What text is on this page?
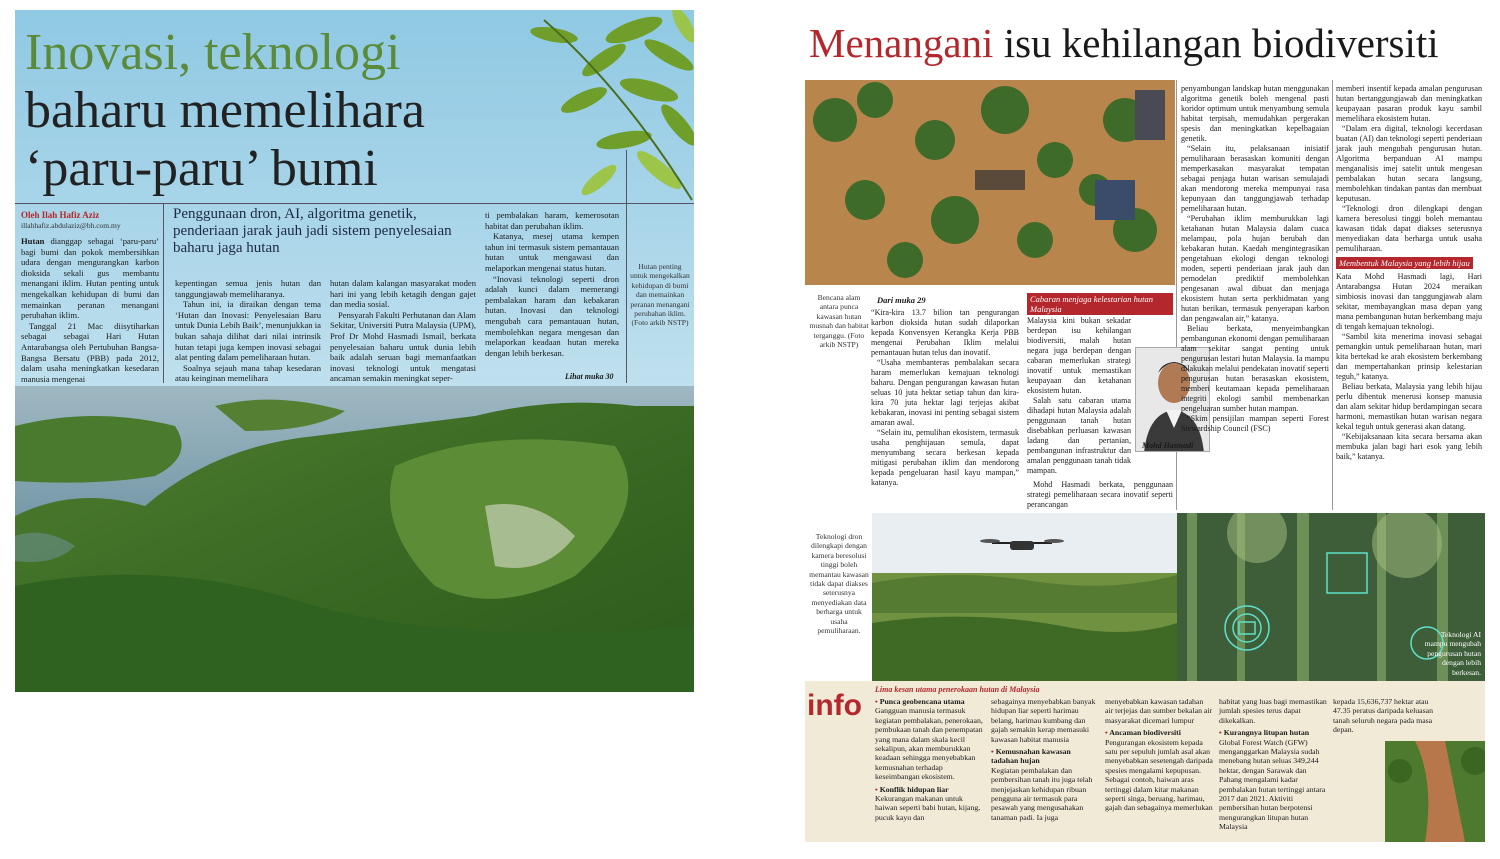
Inovasi, teknologi
baharu memelihara
‘paru-paru’ bumi
Oleh Ilah Hafiz Aziz
illahhafiz.abdulaziz@bh.com.my
Penggunaan dron, AI, algoritma genetik, penderiaan jarak jauh jadi sistem penyelesaian baharu jaga hutan

Hutan dianggap sebagai ‘paru-paru’ bagi bumi dan pokok membersihkan udara dengan mengurangkan karbon dioksida sekali gus membantu menangani iklim. Hutan penting untuk mengekalkan kehidupan di bumi dan memainkan peranan menangani perubahan iklim.

Tanggal 21 Mac diisytiharkan sebagai sebagai Hari Hutan Antarabangsa oleh Pertubuhan Bangsa-Bangsa Bersatu (PBB) pada 2012, dalam usaha meningkatkan kesedaran manusia mengenai

kepentingan semua jenis hutan dan tanggungjawab memeliharanya.

Tahun ini, ia diraikan dengan tema ‘Hutan dan Inovasi: Penyelesaian Baru untuk Dunia Lebih Baik’, menunjukkan ia bukan sahaja dilihat dari nilai intrinsik hutan tetapi juga kempen inovasi sebagai alat penting dalam pemeliharaan hutan.

Soalnya sejauh mana tahap kesedaran atau keinginan memelihara

hutan dalam kalangan masyarakat moden hari ini yang lebih ketagih dengan gajet dan media sosial.

Pensyarah Fakulti Perhutanan dan Alam Sekitar, Universiti Putra Malaysia (UPM), Prof Dr Mohd Hasmadi Ismail, berkata penyelesaian baharu untuk dunia lebih baik adalah seruan bagi memanfaatkan inovasi teknologi untuk mengatasi ancaman semakin meningkat seper-

ti pembalakan haram, kemerosotan habitat dan perubahan iklim.

Katanya, mesej utama kempen tahun ini termasuk sistem pemantauan hutan untuk mengawasi dan melaporkan mengenai status hutan.

“Inovasi teknologi seperti dron adalah kunci dalam memerangi pembalakan haram dan kebakaran hutan. Inovasi dan teknologi mengubah cara pemantauan hutan, membolehkan negara mengesan dan melaporkan keadaan hutan mereka dengan lebih berkesan.

Lihat muka 30
Hutan penting untuk mengekalkan kehidupan di bumi dan memainkan peranan menangani perubahan iklim. (Foto arkib NSTP)
Menangani isu kehilangan biodiversiti
Bencana alam antara punca kawasan hutan musnah dan habitat terganggu. (Foto arkib NSTP)
Dari muka 29

“Kira-kira 13.7 bilion tan pengurangan karbon dioksida hutan sudah dilaporkan kepada Konvensyen Kerangka Kerja PBB mengenai Perubahan Iklim melalui pemantauan hutan telus dan inovatif.

“Usaha membanteras pembalakan secara haram memerlukan kemajuan teknologi baharu. Dengan pengurangan kawasan hutan seluas 10 juta hektar setiap tahun dan kira-kira 70 juta hektar lagi terjejas akibat kebakaran, inovasi ini penting sebagai sistem amaran awal.

“Selain itu, pemulihan ekosistem, termasuk usaha penghijauan semula, dapat menyumbang secara berkesan kepada mitigasi perubahan iklim dan mendorong kepada pengeluaran hasil kayu mampan,” katanya.

Cabaran menjaga kelestarian hutan Malaysia

Malaysia kini bukan sekadar berdepan isu kehilangan biodiversiti, malah hutan negara juga berdepan dengan cabaran memerlukan strategi inovatif untuk memastikan keupayaan dan ketahanan ekosistem hutan.

Salah satu cabaran utama dihadapi hutan Malaysia adalah penggunaan tanah hutan disebabkan perluasan kawasan ladang dan pertanian, pembangunan infrastruktur dan amalan penggunaan tanah tidak mampan.

Mohd Hasmadi berkata, penggunaan strategi pemeliharaan secara inovatif seperti perancangan

Mohd Hasmadi

penyambungan landskap hutan menggunakan algoritma genetik boleh mengenal pasti koridor optimum untuk menyambung semula habitat terpisah, memudahkan pergerakan spesis dan meningkatkan kepelbagaian genetik.

“Selain itu, pelaksanaan inisiatif pemuliharaan berasaskan komuniti dengan memperkasakan masyarakat tempatan sebagai penjaga hutan warisan semulajadi akan mendorong mereka mempunyai rasa kepunyaan dan tanggungjawab terhadap pemeliharaan hutan.

“Perubahan iklim memburukkan lagi ketahanan hutan Malaysia dalam cuaca melampau, pola hujan berubah dan kebakaran hutan. Kaedah mengintegrasikan pengetahuan ekologi dengan teknologi moden, seperti penderiaan jarak jauh dan pemodelan prediktif membolehkan pengesanan awal dibuat dan menjaga ekosistem hutan serta perkhidmatan yang hutan berikan, termasuk penyerapan karbon dan pengawalan air,” katanya.

Beliau berkata, menyeimbangkan pembangunan ekonomi dengan pemuliharaan alam sekitar sangat penting untuk pengurusan lestari hutan Malaysia. Ia mampu dilakukan melalui pendekatan inovatif seperti pengurusan hutan berasaskan ekosistem, memberi keutamaan kepada pemeliharaan integriti ekologi sambil membenarkan pengeluaran sumber hutan mampan.

“Skim pensijilan mampan seperti Forest Stewardship Council (FSC)

memberi insentif kepada amalan pengurusan hutan bertanggungjawab dan meningkatkan keupayaan pasaran produk kayu sambil memelihara ekosistem hutan.

“Dalam era digital, teknologi kecerdasan buatan (AI) dan teknologi seperti penderiaan jarak jauh mengubah pengurusan hutan. Algoritma berpanduan AI mampu menganalisis imej satelit untuk mengesan pembalakan hutan secara langsung, membolehkan tindakan pantas dan membuat keputusan.

“Teknologi dron dilengkapi dengan kamera beresolusi tinggi boleh memantau kawasan tidak dapat diakses seterusnya menyediakan data berharga untuk usaha pemuliharaan.

Membentuk Malaysia yang lebih hijau

Kata Mohd Hasmadi lagi, Hari Antarabangsa Hutan 2024 meraikan simbiosis inovasi dan tanggungjawab alam sekitar, membayangkan masa depan yang mana pembangunan hutan berkembang maju di tengah kemajuan teknologi.

“Sambil kita menerima inovasi sebagai pemangkin untuk pemeliharaan hutan, mari kita bertekad ke arah ekosistem berkembang dan mempertahankan prinsip kelestarian teguh,” katanya.

Beliau berkata, Malaysia yang lebih hijau perlu dibentuk menerusi konsep manusia dan alam sekitar hidup berdampingan secara harmoni, memastikan hutan warisan negara kekal teguh untuk generasi akan datang.

“Kebijaksanaan kita secara bersama akan membuka jalan bagi hari esok yang lebih baik,” katanya.

Teknologi dron dilengkapi dengan kamera beresolusi tinggi boleh memantau kawasan tidak dapat diakses seterusnya menyediakan data berharga untuk usaha pemuliharaan.	Teknologi AI mampu mengubah pengurusan hutan dengan lebih berkesan.
info Lima kesan utama penerokaan hutan di Malaysia
• Punca geobencana utama
Gangguan manusia termasuk kegiatan pembalakan, penerokaan, pembukaan tanah dan penempatan yang mana dalam skala kecil sekalipun, akan memburukkan keadaan sehingga menyebabkan kemusnahan terhadap keseimbangan ekosistem.
• Konflik hidupan liar
Kekurangan makanan untuk haiwan seperti babi hutan, kijang, pucuk kayu dan
sebagainya menyebabkan banyak hidupan liar seperti harimau belang, harimau kumbang dan gajah semakin kerap memasuki kawasan habitat manusia
• Kemusnahan kawasan tadahan hujan
Kegiatan pembalakan dan pembersihan tanah itu juga telah menjejaskan kehidupan ribuan pengguna air termasuk para pesawah yang mengusahakan tanaman padi. Ia juga
menyebabkan kawasan tadahan air terjejas dan sumber bekalan air masyarakat dicemari lumpur
• Ancaman biodiversiti
Pengurangan ekosistem kepada satu per sepuluh jumlah asal akan menyebabkan sesetengah daripada spesies mengalami kepupusan. Sebagai contoh, haiwan aras tertinggi dalam kitar makanan seperti singa, beruang, harimau, gajah dan sebagainya memerlukan
habitat yang luas bagi memastikan jumlah spesies terus dapat dikekalkan.
• Kurangnya litupan hutan
Global Forest Watch (GFW) menganggarkan Malaysia sudah menebang hutan seluas 349,244 hektar, dengan Sarawak dan Pahang mengalami kadar pembalakan hutan tertinggi antara 2017 dan 2021. Aktiviti pembersihan hutan berpotensi mengurangkan litupan hutan Malaysia
kepada 15,636,737 hektar atau 47.35 peratus daripada keluasan tanah seluruh negara pada masa depan.
